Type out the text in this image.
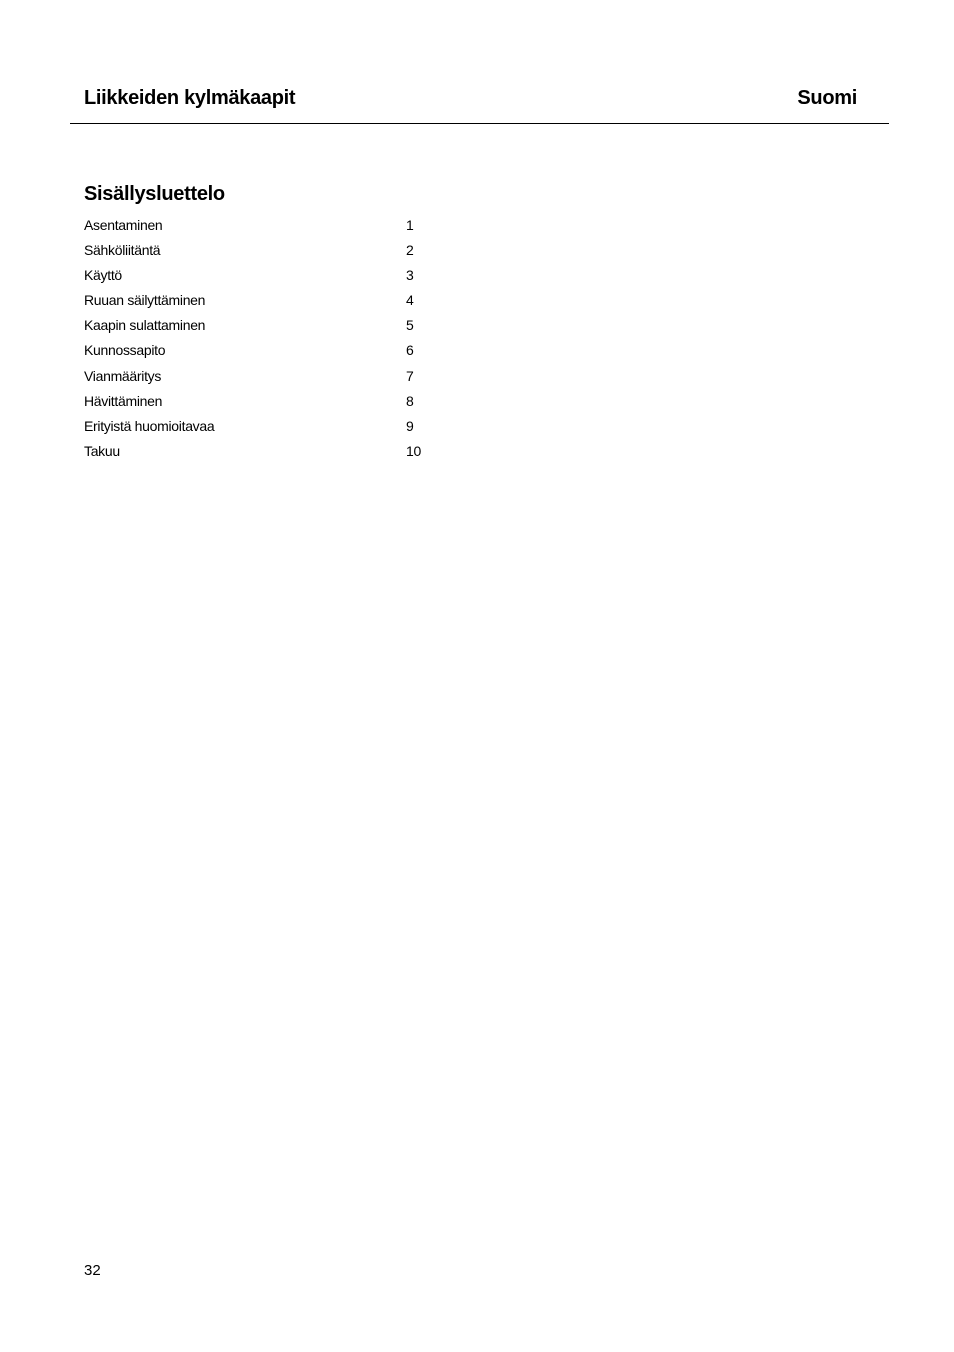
Liikkeiden kylmäkaapit	Suomi
Sisällysluettelo
Asentaminen	1
Sähköliitäntä	2
Käyttö	3
Ruuan säilyttäminen	4
Kaapin sulattaminen	5
Kunnossapito	6
Vianmääritys	7
Hävittäminen	8
Erityistä huomioitavaa	9
Takuu	10
32
